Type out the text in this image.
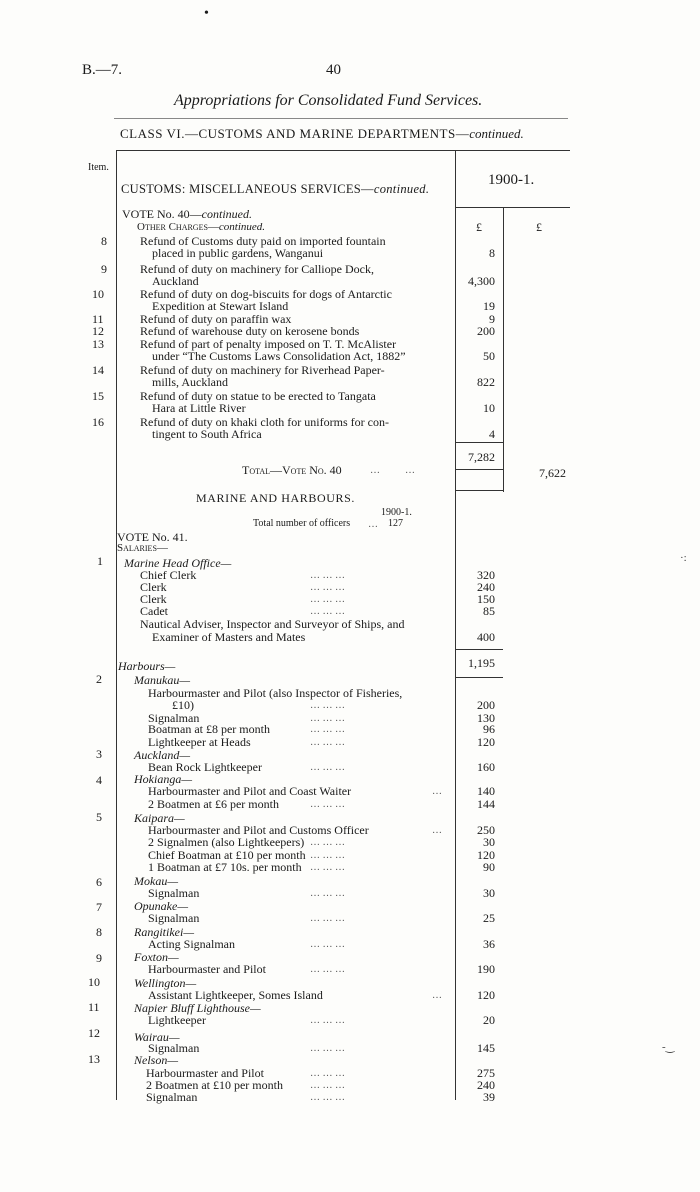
B.—7.	40
Appropriations for Consolidated Fund Services.
CLASS VI.—CUSTOMS AND MARINE DEPARTMENTS—continued.
Item.
1900-1.
£	£
CUSTOMS: MISCELLANEOUS SERVICES—continued.
VOTE No. 40—continued.
Other Charges—continued.
8	Refund of Customs duty paid on imported fountain
placed in public gardens, Wanganui	8
9	Refund of duty on machinery for Calliope Dock,
Auckland	4,300
10	Refund of duty on dog-biscuits for dogs of Antarctic
Expedition at Stewart Island	19
11	Refund of duty on paraffin wax	9
12	Refund of warehouse duty on kerosene bonds	200
13	Refund of part of penalty imposed on T. T. McAlister
under “The Customs Laws Consolidation Act, 1882”	50
14	Refund of duty on machinery for Riverhead Paper-
mills, Auckland	822
15	Refund of duty on statue to be erected to Tangata
Hara at Little River	10
16	Refund of duty on khaki cloth for uniforms for con-
tingent to South Africa	4
7,282
Total—Vote No. 40	…          …	7,622
MARINE AND HARBOURS.
1900-1.
Total number of officers … 127
VOTE No. 41.
Salaries—
1 Marine Head Office—
Chief Clerk	320
… … …
Clerk	240
… … …
Clerk	150
… … …
Cadet	85
… … …
Nautical Adviser, Inspector and Surveyor of Ships, and
Examiner of Masters and Mates	400
1,195
Harbours—
2	Manukau—
Harbourmaster and Pilot (also Inspector of Fisheries,
£10)	200
… … …
Signalman	130
… … …
Boatman at £8 per month	96
… … …
Lightkeeper at Heads	120
… … …
3	Auckland—
Bean Rock Lightkeeper	160
… … …
4	Hokianga—
Harbourmaster and Pilot and Coast Waiter	140
…
2 Boatmen at £6 per month	144
… … …
5	Kaipara—
Harbourmaster and Pilot and Customs Officer	250
…
2 Signalmen (also Lightkeepers)	30
… … …
Chief Boatman at £10 per month	120
… … …
1 Boatman at £7 10s. per month	90
… … …
6	Mokau—
Signalman	30
… … …
7	Opunake—
Signalman	25
… … …
8	Rangitikei—
Acting Signalman	36
… … …
9	Foxton—
Harbourmaster and Pilot	190
… … …
10	Wellington—
Assistant Lightkeeper, Somes Island	120
…
11	Napier Bluff Lighthouse—
Lightkeeper	20
… … …
12	Wairau—
Signalman	145
… … …
13	Nelson—
Harbourmaster and Pilot	275
… … …
2 Boatmen at £10 per month	240
… … …
Signalman	39
… … …
·:
-‿
•
